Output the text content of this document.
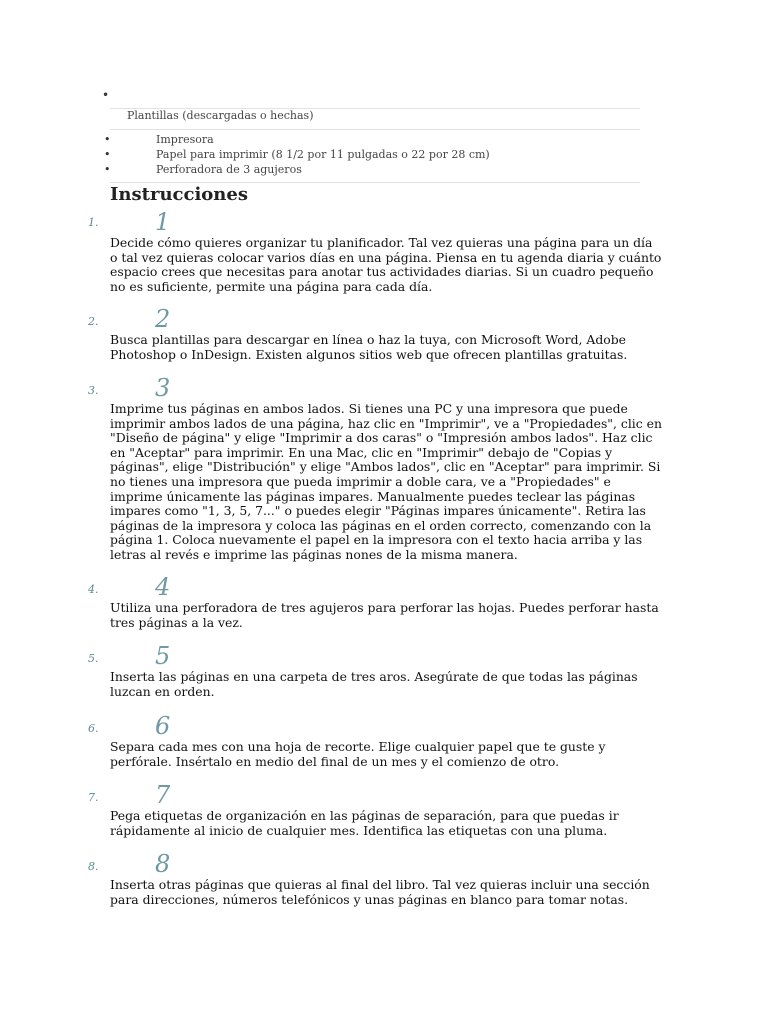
•
Plantillas (descargadas o hechas)
•	Impresora
•	Papel para imprimir (8 1/2 por 11 pulgadas o 22 por 28 cm)
•	Perforadora de 3 agujeros
Instrucciones
1. 1
Decide cómo quieres organizar tu planificador. Tal vez quieras una página para un día o tal vez quieras colocar varios días en una página. Piensa en tu agenda diaria y cuánto espacio crees que necesitas para anotar tus actividades diarias. Si un cuadro pequeño no es suficiente, permite una página para cada día.
2. 2
Busca plantillas para descargar en línea o haz la tuya, con Microsoft Word, Adobe Photoshop o InDesign. Existen algunos sitios web que ofrecen plantillas gratuitas.
3. 3
Imprime tus páginas en ambos lados. Si tienes una PC y una impresora que puede imprimir ambos lados de una página, haz clic en "Imprimir", ve a "Propiedades", clic en "Diseño de página" y elige "Imprimir a dos caras" o "Impresión ambos lados". Haz clic en "Aceptar" para imprimir. En una Mac, clic en "Imprimir" debajo de "Copias y páginas", elige "Distribución" y elige "Ambos lados", clic en "Aceptar" para imprimir. Si no tienes una impresora que pueda imprimir a doble cara, ve a "Propiedades" e imprime únicamente las páginas impares. Manualmente puedes teclear las páginas impares como "1, 3, 5, 7..." o puedes elegir "Páginas impares únicamente". Retira las páginas de la impresora y coloca las páginas en el orden correcto, comenzando con la página 1. Coloca nuevamente el papel en la impresora con el texto hacia arriba y las letras al revés e imprime las páginas nones de la misma manera.
4. 4
Utiliza una perforadora de tres agujeros para perforar las hojas. Puedes perforar hasta tres páginas a la vez.
5. 5
Inserta las páginas en una carpeta de tres aros. Asegúrate de que todas las páginas luzcan en orden.
6. 6
Separa cada mes con una hoja de recorte. Elige cualquier papel que te guste y perfórale. Insértalo en medio del final de un mes y el comienzo de otro.
7. 7
Pega etiquetas de organización en las páginas de separación, para que puedas ir rápidamente al inicio de cualquier mes. Identifica las etiquetas con una pluma.
8. 8
Inserta otras páginas que quieras al final del libro. Tal vez quieras incluir una sección para direcciones, números telefónicos y unas páginas en blanco para tomar notas.
